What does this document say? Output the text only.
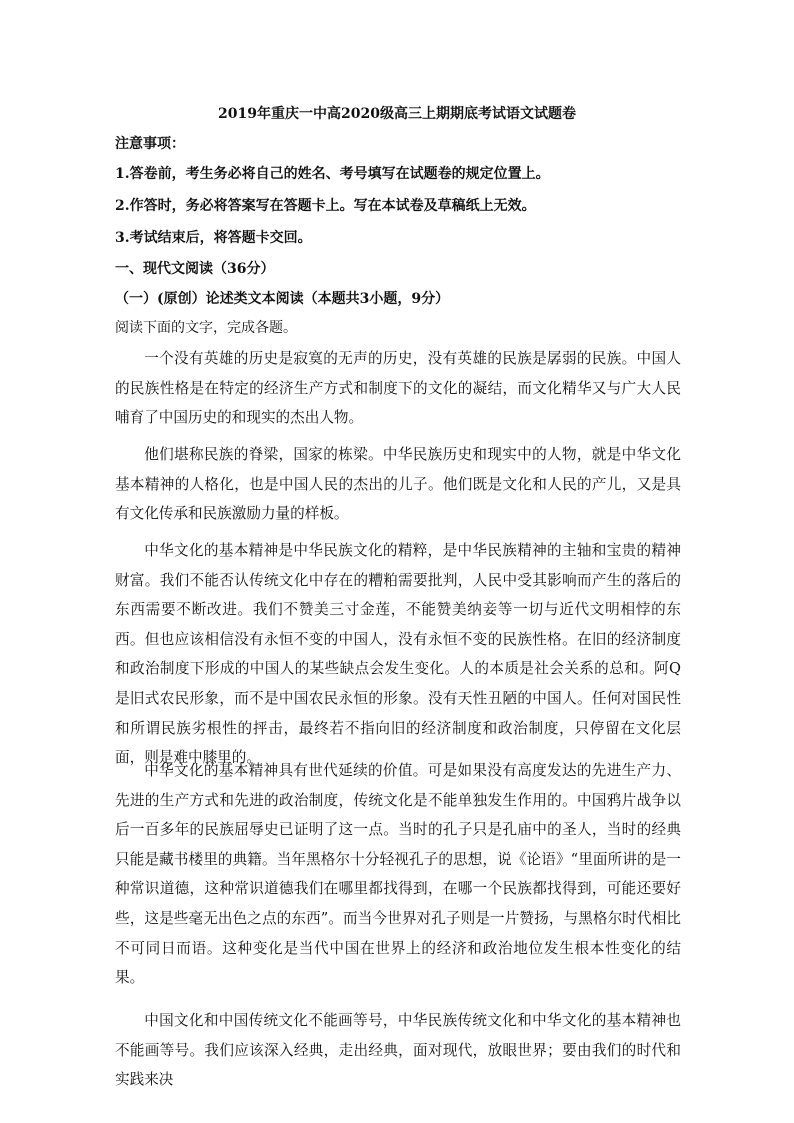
2019年重庆一中高2020级高三上期期底考试语文试题卷
注意事项：
1.答卷前，考生务必将自己的姓名、考号填写在试题卷的规定位置上。
2.作答时，务必将答案写在答题卡上。写在本试卷及草稿纸上无效。
3.考试结束后，将答题卡交回。
一、现代文阅读（36分）
（一）(原创）论述类文本阅读（本题共3小题，9分）
阅读下面的文字，完成各题。

一个没有英雄的历史是寂寞的无声的历史，没有英雄的民族是孱弱的民族。中国人的民族性格是在特定的经济生产方式和制度下的文化的凝结，而文化精华又与广大人民哺育了中国历史的和现实的杰出人物。

他们堪称民族的脊梁，国家的栋梁。中华民族历史和现实中的人物，就是中华文化基本精神的人格化，也是中国人民的杰出的儿子。他们既是文化和人民的产儿，又是具有文化传承和民族激励力量的样板。

中华文化的基本精神是中华民族文化的精粹，是中华民族精神的主轴和宝贵的精神财富。我们不能否认传统文化中存在的糟粕需要批判，人民中受其影响而产生的落后的东西需要不断改进。我们不赞美三寸金莲，不能赞美纳妾等一切与近代文明相悖的东西。但也应该相信没有永恒不变的中国人，没有永恒不变的民族性格。在旧的经济制度和政治制度下形成的中国人的某些缺点会发生变化。人的本质是社会关系的总和。阿Q是旧式农民形象，而不是中国农民永恒的形象。没有天性丑陋的中国人。任何对国民性和所谓民族劣根性的抨击，最终若不指向旧的经济制度和政治制度，只停留在文化层面，则是难中膝里的。

中华文化的基本精神具有世代延续的价值。可是如果没有高度发达的先进生产力、先进的生产方式和先进的政治制度，传统文化是不能单独发生作用的。中国鸦片战争以后一百多年的民族屈辱史已证明了这一点。当时的孔子只是孔庙中的圣人，当时的经典只能是藏书楼里的典籍。当年黑格尔十分轻视孔子的思想，说《论语》“里面所讲的是一种常识道德，这种常识道德我们在哪里都找得到，在哪一个民族都找得到，可能还要好些，这是些毫无出色之点的东西”。而当今世界对孔子则是一片赞扬，与黑格尔时代相比不可同日而语。这种变化是当代中国在世界上的经济和政治地位发生根本性变化的结果。

中国文化和中国传统文化不能画等号，中华民族传统文化和中华文化的基本精神也不能画等号。我们应该深入经典，走出经典，面对现代，放眼世界；要由我们的时代和实践来决
